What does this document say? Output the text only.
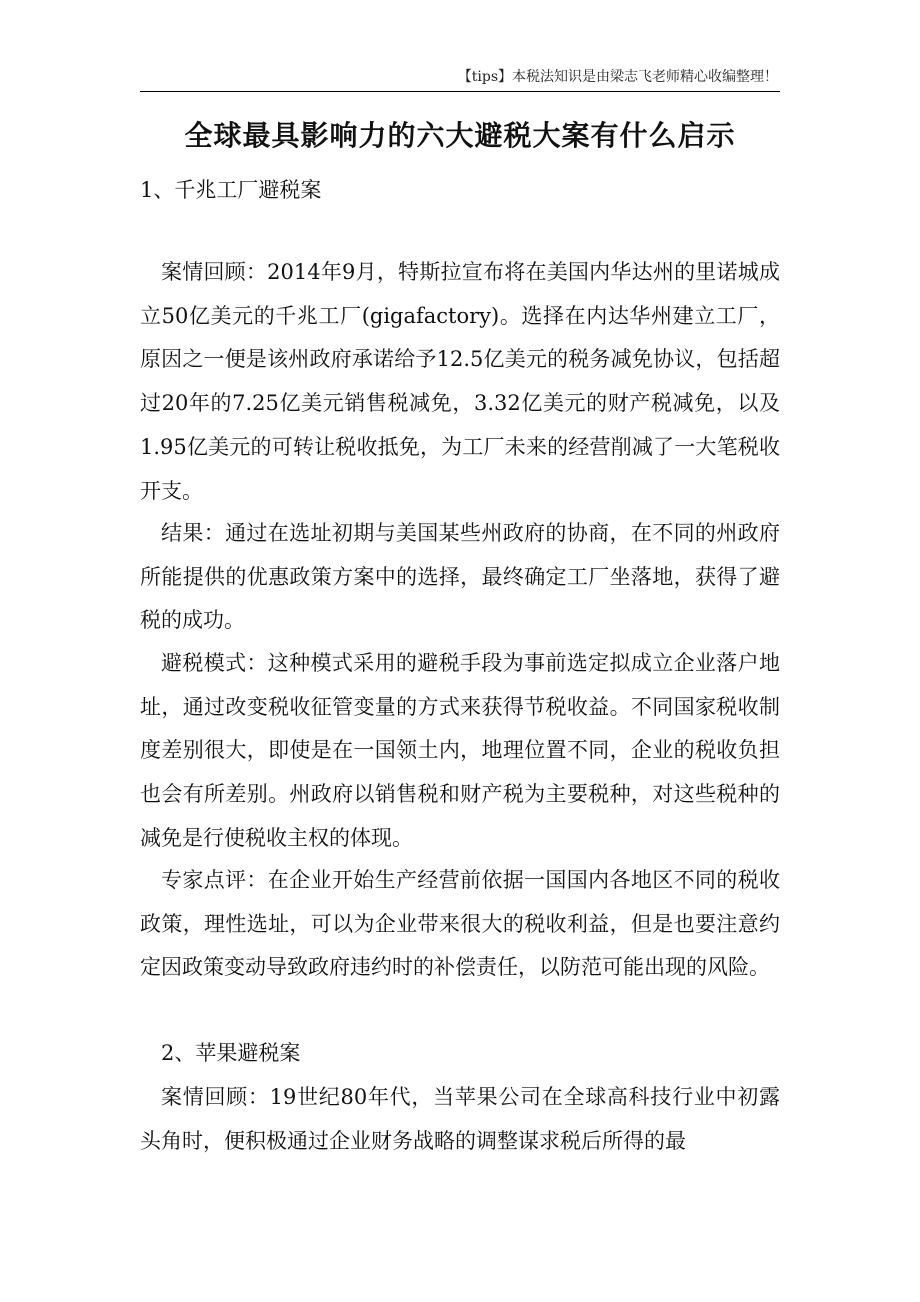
【tips】本税法知识是由梁志飞老师精心收编整理！
全球最具影响力的六大避税大案有什么启示
1、千兆工厂避税案

案情回顾：2014年9月，特斯拉宣布将在美国内华达州的里诺城成立50亿美元的千兆工厂(gigafactory)。选择在内达华州建立工厂，原因之一便是该州政府承诺给予12.5亿美元的税务减免协议，包括超过20年的7.25亿美元销售税减免，3.32亿美元的财产税减免，以及1.95亿美元的可转让税收抵免，为工厂未来的经营削减了一大笔税收开支。

结果：通过在选址初期与美国某些州政府的协商，在不同的州政府所能提供的优惠政策方案中的选择，最终确定工厂坐落地，获得了避税的成功。

避税模式：这种模式采用的避税手段为事前选定拟成立企业落户地址，通过改变税收征管变量的方式来获得节税收益。不同国家税收制度差别很大，即使是在一国领土内，地理位置不同，企业的税收负担也会有所差别。州政府以销售税和财产税为主要税种，对这些税种的减免是行使税收主权的体现。

专家点评：在企业开始生产经营前依据一国国内各地区不同的税收政策，理性选址，可以为企业带来很大的税收利益，但是也要注意约定因政策变动导致政府违约时的补偿责任，以防范可能出现的风险。

2、苹果避税案

案情回顾：19世纪80年代，当苹果公司在全球高科技行业中初露头角时，便积极通过企业财务战略的调整谋求税后所得的最
